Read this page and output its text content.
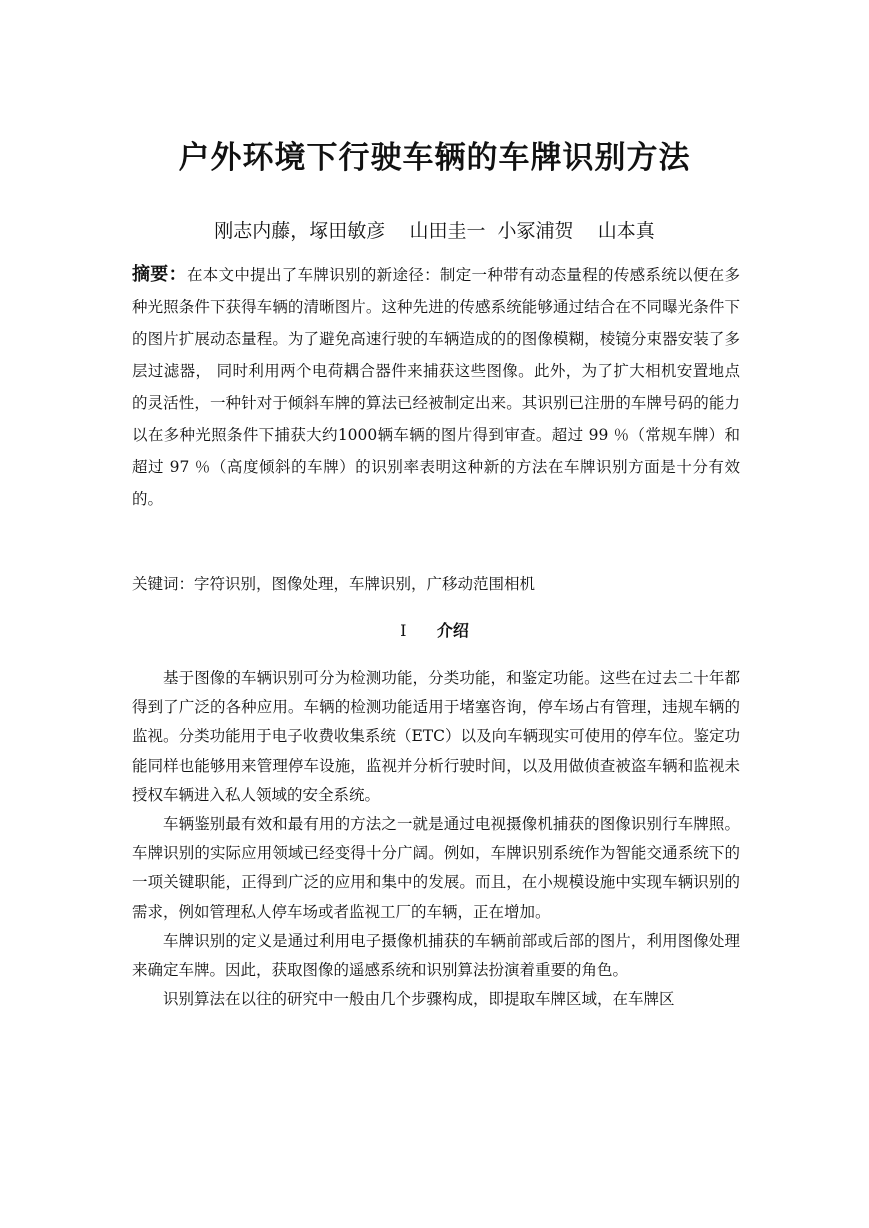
户外环境下行驶车辆的车牌识别方法
刚志内藤，塚田敏彦    山田圭一  小冢浦贺    山本真
摘要：在本文中提出了车牌识别的新途径：制定一种带有动态量程的传感系统以便在多种光照条件下获得车辆的清晰图片。这种先进的传感系统能够通过结合在不同曝光条件下的图片扩展动态量程。为了避免高速行驶的车辆造成的的图像模糊，棱镜分束器安装了多层过滤器， 同时利用两个电荷耦合器件来捕获这些图像。此外，为了扩大相机安置地点的灵活性，一种针对于倾斜车牌的算法已经被制定出来。其识别已注册的车牌号码的能力以在多种光照条件下捕获大约1000辆车辆的图片得到审查。超过 99 ％（常规车牌）和超过 97 ％（高度倾斜的车牌）的识别率表明这种新的方法在车牌识别方面是十分有效的。
关键词：字符识别，图像处理，车牌识别，广移动范围相机
I 介绍

基于图像的车辆识别可分为检测功能，分类功能，和鉴定功能。这些在过去二十年都得到了广泛的各种应用。车辆的检测功能适用于堵塞咨询，停车场占有管理，违规车辆的监视。分类功能用于电子收费收集系统（ETC）以及向车辆现实可使用的停车位。鉴定功能同样也能够用来管理停车设施，监视并分析行驶时间，以及用做侦查被盗车辆和监视未授权车辆进入私人领域的安全系统。

车辆鉴别最有效和最有用的方法之一就是通过电视摄像机捕获的图像识别行车牌照。车牌识别的实际应用领域已经变得十分广阔。例如，车牌识别系统作为智能交通系统下的一项关键职能，正得到广泛的应用和集中的发展。而且，在小规模设施中实现车辆识别的需求，例如管理私人停车场或者监视工厂的车辆，正在增加。

车牌识别的定义是通过利用电子摄像机捕获的车辆前部或后部的图片，利用图像处理来确定车牌。因此，获取图像的遥感系统和识别算法扮演着重要的角色。

识别算法在以往的研究中一般由几个步骤构成，即提取车牌区域，在车牌区
